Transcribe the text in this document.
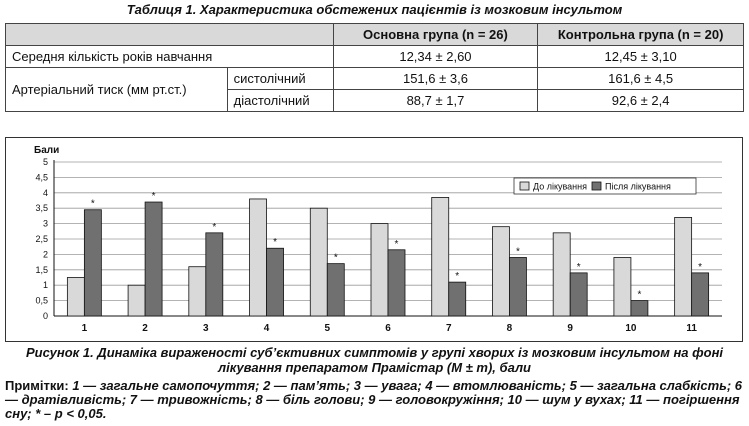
Таблиця 1. Характеристика обстежених пацієнтів із мозковим інсультом
		Основна група (n = 26)	Контрольна група (n = 20)
Середня кількість років навчання		12,34 ± 2,60	12,45 ± 3,10
Артеріальний тиск (мм рт.ст.)	систолічний	151,6 ± 3,6	161,6 ± 4,5
	діастолічний	88,7 ± 1,7	92,6 ± 2,4
0
0,5
1
1,5
2
2,5
3
3,5
4
4,5
5
Бали
*
1
*
2
*
3
*
4
*
5
*
6
*
7
*
8
*
9
*
10
*
11
До лікування Після лікування
Рисунок 1. Динаміка вираженості суб’єктивних симптомів у групі хворих із мозковим інсультом на фоні лікування препаратом Прамістар (M ± m), бали
Примітки: 1 — загальне самопочуття; 2 — пам’ять; 3 — увага; 4 — втомлюваність; 5 — загальна слабкість; 6 — дратівливість; 7 — тривожність; 8 — біль голови; 9 — головокружіння; 10 — шум у вухах; 11 — погіршення сну; * – p < 0,05.
